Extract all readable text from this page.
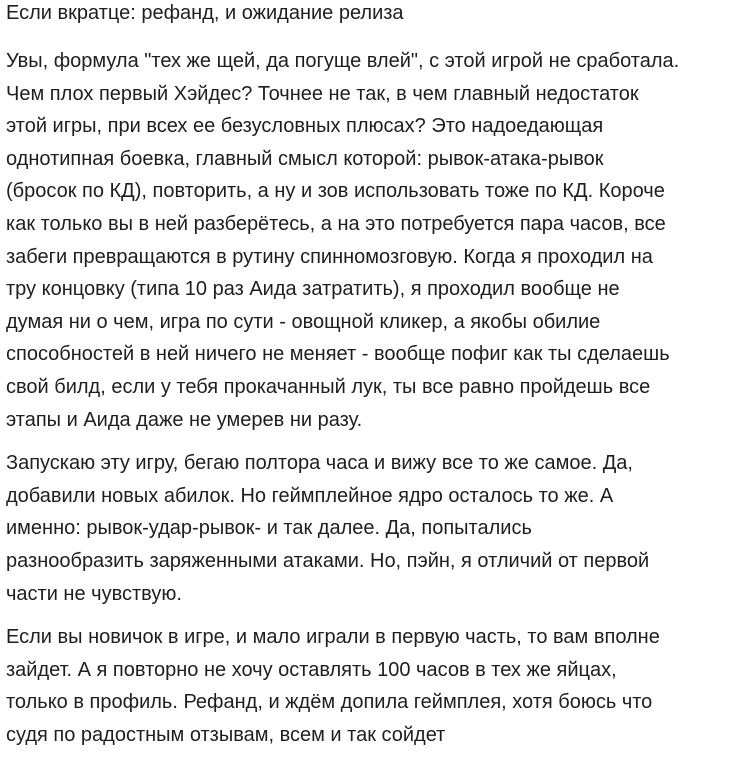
Если вкратце: рефанд, и ожидание релиза

Увы, формула "тех же щей, да погуще влей", с этой игрой не сработала.
Чем плох первый Хэйдес? Точнее не так, в чем главный недостаток
этой игры, при всех ее безусловных плюсах? Это надоедающая
однотипная боевка, главный смысл которой: рывок-атака-рывок
(бросок по КД), повторить, а ну и зов использовать тоже по КД. Короче
как только вы в ней разберётесь, а на это потребуется пара часов, все
забеги превращаются в рутину спинномозговую. Когда я проходил на
тру концовку (типа 10 раз Аида затратить), я проходил вообще не
думая ни о чем, игра по сути - овощной кликер, а якобы обилие
способностей в ней ничего не меняет - вообще пофиг как ты сделаешь
свой билд, если у тебя прокачанный лук, ты все равно пройдешь все
этапы и Аида даже не умерев ни разу.

Запускаю эту игру, бегаю полтора часа и вижу все то же самое. Да,
добавили новых абилок. Но геймплейное ядро осталось то же. А
именно: рывок-удар-рывок- и так далее. Да, попытались
разнообразить заряженными атаками. Но, пэйн, я отличий от первой
части не чувствую.

Если вы новичок в игре, и мало играли в первую часть, то вам вполне
зайдет. А я повторно не хочу оставлять 100 часов в тех же яйцах,
только в профиль. Рефанд, и ждём допила геймплея, хотя боюсь что
судя по радостным отзывам, всем и так сойдет
